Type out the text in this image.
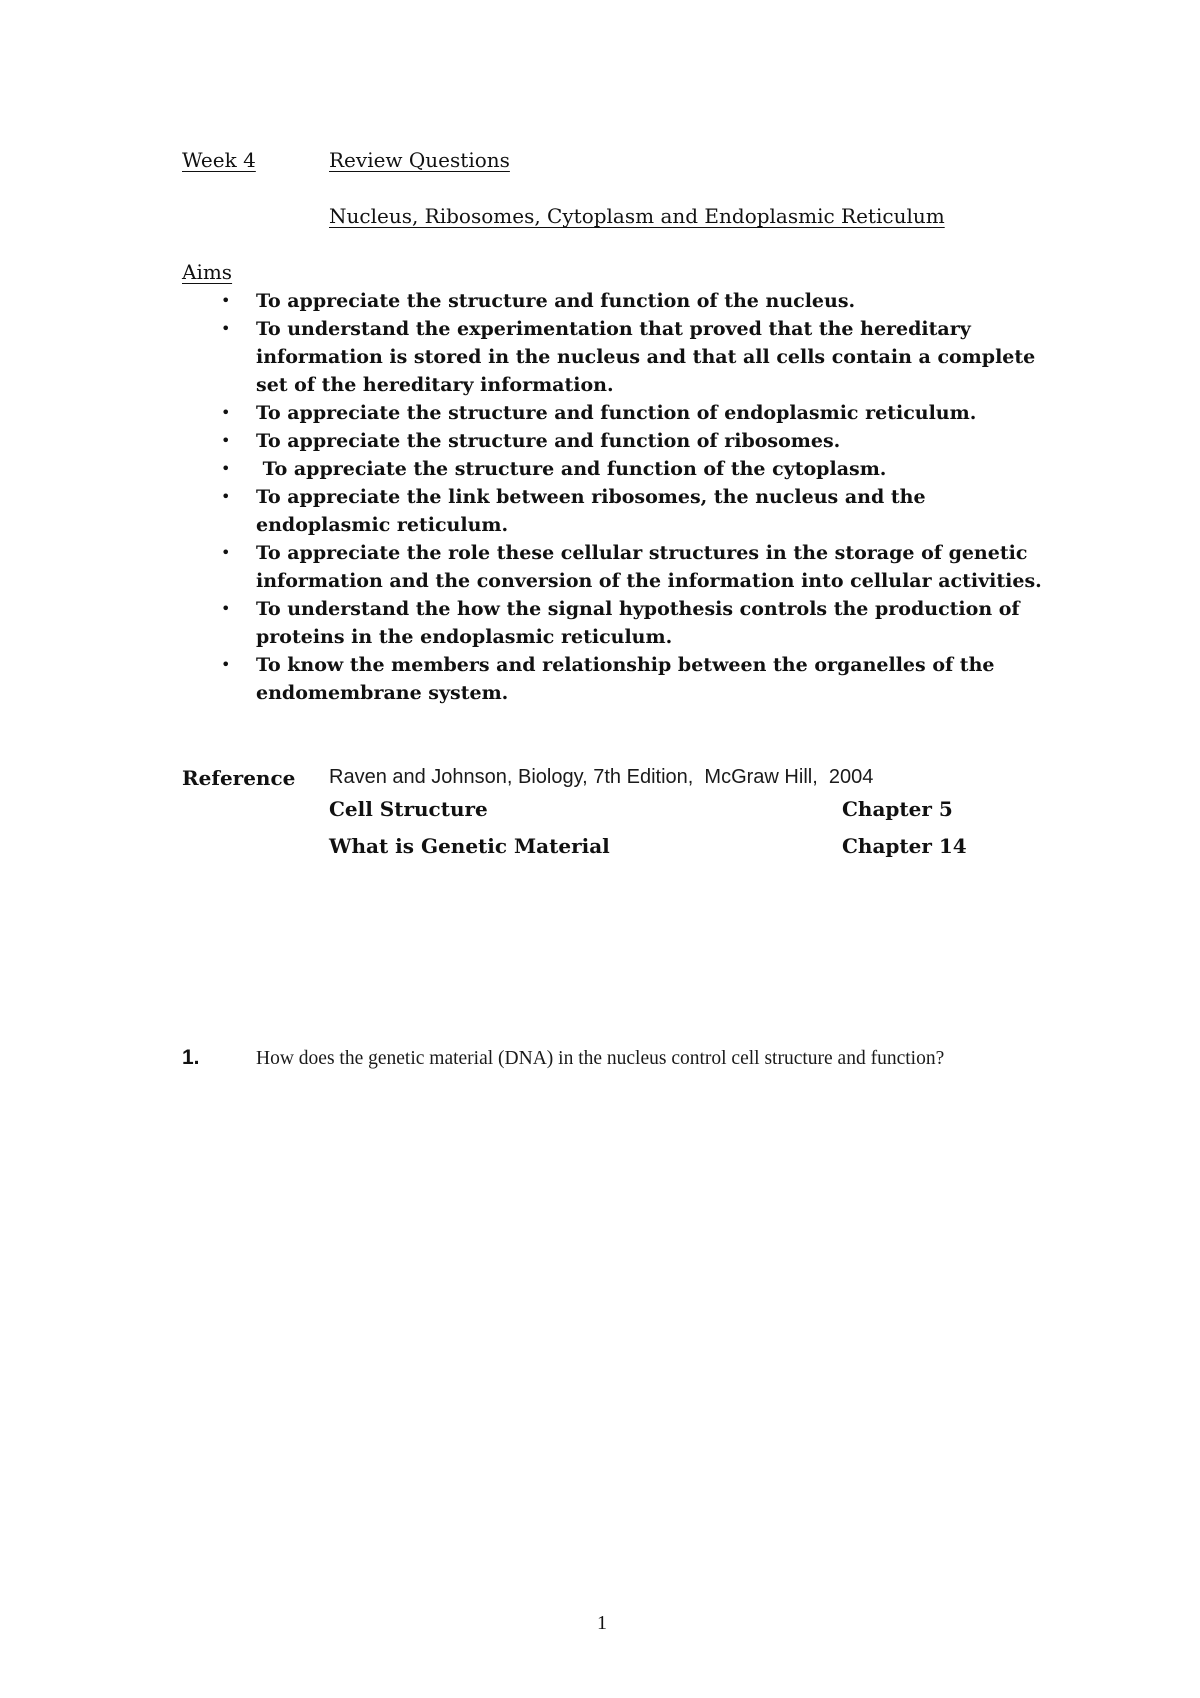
Week 4	Review Questions
Nucleus, Ribosomes, Cytoplasm and Endoplasmic Reticulum
Aims
• To appreciate the structure and function of the nucleus.
• To understand the experimentation that proved that the hereditary information is stored in the nucleus and that all cells contain a complete set of the hereditary information.
• To appreciate the structure and function of endoplasmic reticulum.
• To appreciate the structure and function of ribosomes.
• To appreciate the structure and function of the cytoplasm.
• To appreciate the link between ribosomes, the nucleus and the endoplasmic reticulum.
• To appreciate the role these cellular structures in the storage of genetic information and the conversion of the information into cellular activities.
• To understand the how the signal hypothesis controls the production of proteins in the endoplasmic reticulum.
• To know the members and relationship between the organelles of the endomembrane system.
Reference Raven and Johnson, Biology, 7th Edition,  McGraw Hill,  2004
Cell Structure	Chapter 5
What is Genetic Material	Chapter 14
1.	How does the genetic material (DNA) in the nucleus control cell structure and function?
1
